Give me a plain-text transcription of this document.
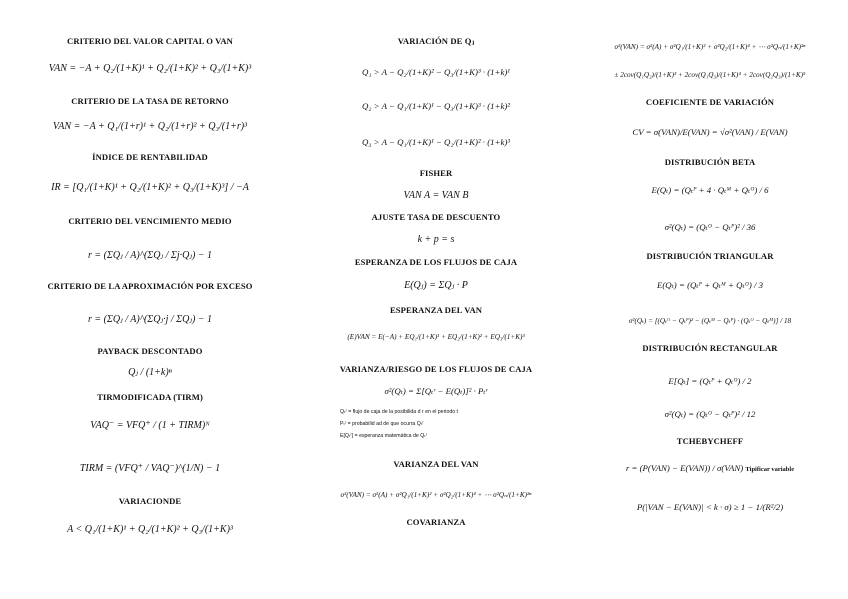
CRITERIO DEL VALOR CAPITAL O VAN
VAN = −A + Q₂/(1+K)¹ + Q₂/(1+K)² + Q₃/(1+K)³
CRITERIO DE LA TASA DE RETORNO
VAN = −A + Q₁/(1+r)¹ + Q₂/(1+r)² + Q₃/(1+r)³
ÍNDICE DE RENTABILIDAD
IR = [Q₁/(1+K)¹ + Q₂/(1+K)² + Q₃/(1+K)³] / −A
CRITERIO DEL VENCIMIENTO MEDIO
r = (ΣQⱼ / A)^(ΣQⱼ / Σj·Qⱼ) − 1
CRITERIO DE LA APROXIMACIÓN POR EXCESO
r = (ΣQⱼ / A)^(ΣQⱼ·j / ΣQⱼ) − 1
PAYBACK DESCONTADO
Qⱼ / (1+k)ⁿ
TIRMODIFICADA (TIRM)
VAQ⁻ = VFQ⁺ / (1 + TIRM)ᴺ
TIRM = (VFQ⁺ / VAQ⁻)^(1/N) − 1
VARIACIONDE
A < Q₁/(1+K)¹ + Q₂/(1+K)² + Q₃/(1+K)³
VARIACIÓN DE Qⱼ
Q₁ > A − Q₂/(1+K)² − Q₃/(1+K)³ · (1+k)¹
Q₂ > A − Q₁/(1+K)¹ − Q₃/(1+K)³ · (1+k)²
Q₃ > A − Q₁/(1+K)¹ − Q₂/(1+K)² · (1+k)³
FISHER
VAN A = VAN B
AJUSTE TASA DE DESCUENTO
k + p = s
ESPERANZA DE LOS FLUJOS DE CAJA
E(Qⱼ) = ΣQⱼ · P
ESPERANZA DEL VAN
(E)VAN = E(−A) + EQ₁/(1+K)¹ + EQ₂/(1+K)² + EQ₃/(1+K)³
VARIANZA/RIESGO DE LOS FLUJOS DE CAJA
σ²(Qₜ) = Σ[Qₜʳ − E(Qₜ)]² · Pₜʳ
Qₜʳ = flujo de caja de la posibilida d r en el periodo t
Pₜʳ = probabilid ad de que ocurra Qₜʳ
E[Qₜʳ] = esperanza matemática de Qₜʳ
VARIANZA DEL VAN
σ²(VAN) = σ²(A) + σ²Q₁/(1+K)² + σ²Q₂/(1+K)⁴ + ⋯ σ²Qₙ/(1+K)²ⁿ
COVARIANZA
σ²(VAN) = σ²(A) + σ²Q₁/(1+K)² + σ²Q₂/(1+K)⁴ + ⋯ σ²Qₙ/(1+K)²ⁿ
± 2cov(Q₁Q₂)/(1+K)³ + 2cov(Q₁Q₃)/(1+K)⁴ + 2cov(Q₂Q₃)/(1+K)⁵
COEFICIENTE DE VARIACIÓN
CV = σ(VAN)/E(VAN) = √σ²(VAN) / E(VAN)
DISTRIBUCIÓN BETA
E(Qₜ) = (Qₜᴾ + 4 · Qₜᴹ + Qₜᴼ) / 6
σ²(Qₜ) = (Qₜᴼ − Qₜᴾ)² / 36
DISTRIBUCIÓN TRIANGULAR
E(Qₜ) = (Qₜᴾ + Qₜᴹ + Qₜᴼ) / 3
σ²(Qₜ) = [(Qₜᴼ − Qₜᴾ)² − (Qₜᴹ − Qₜᴾ) · (Qₜᴼ − Qₜᴹ)] / 18
DISTRIBUCIÓN RECTANGULAR
E[Qₜ] = (Qₜᴾ + Qₜᴼ) / 2
σ²(Qₜ) = (Qₜᴼ − Qₜᴾ)² / 12
TCHEBYCHEFF
r = (P(VAN) − E(VAN)) / σ(VAN) Tipificar variable
P(|VAN − E(VAN)| < k · σ) ≥ 1 − 1/(R²/2)
